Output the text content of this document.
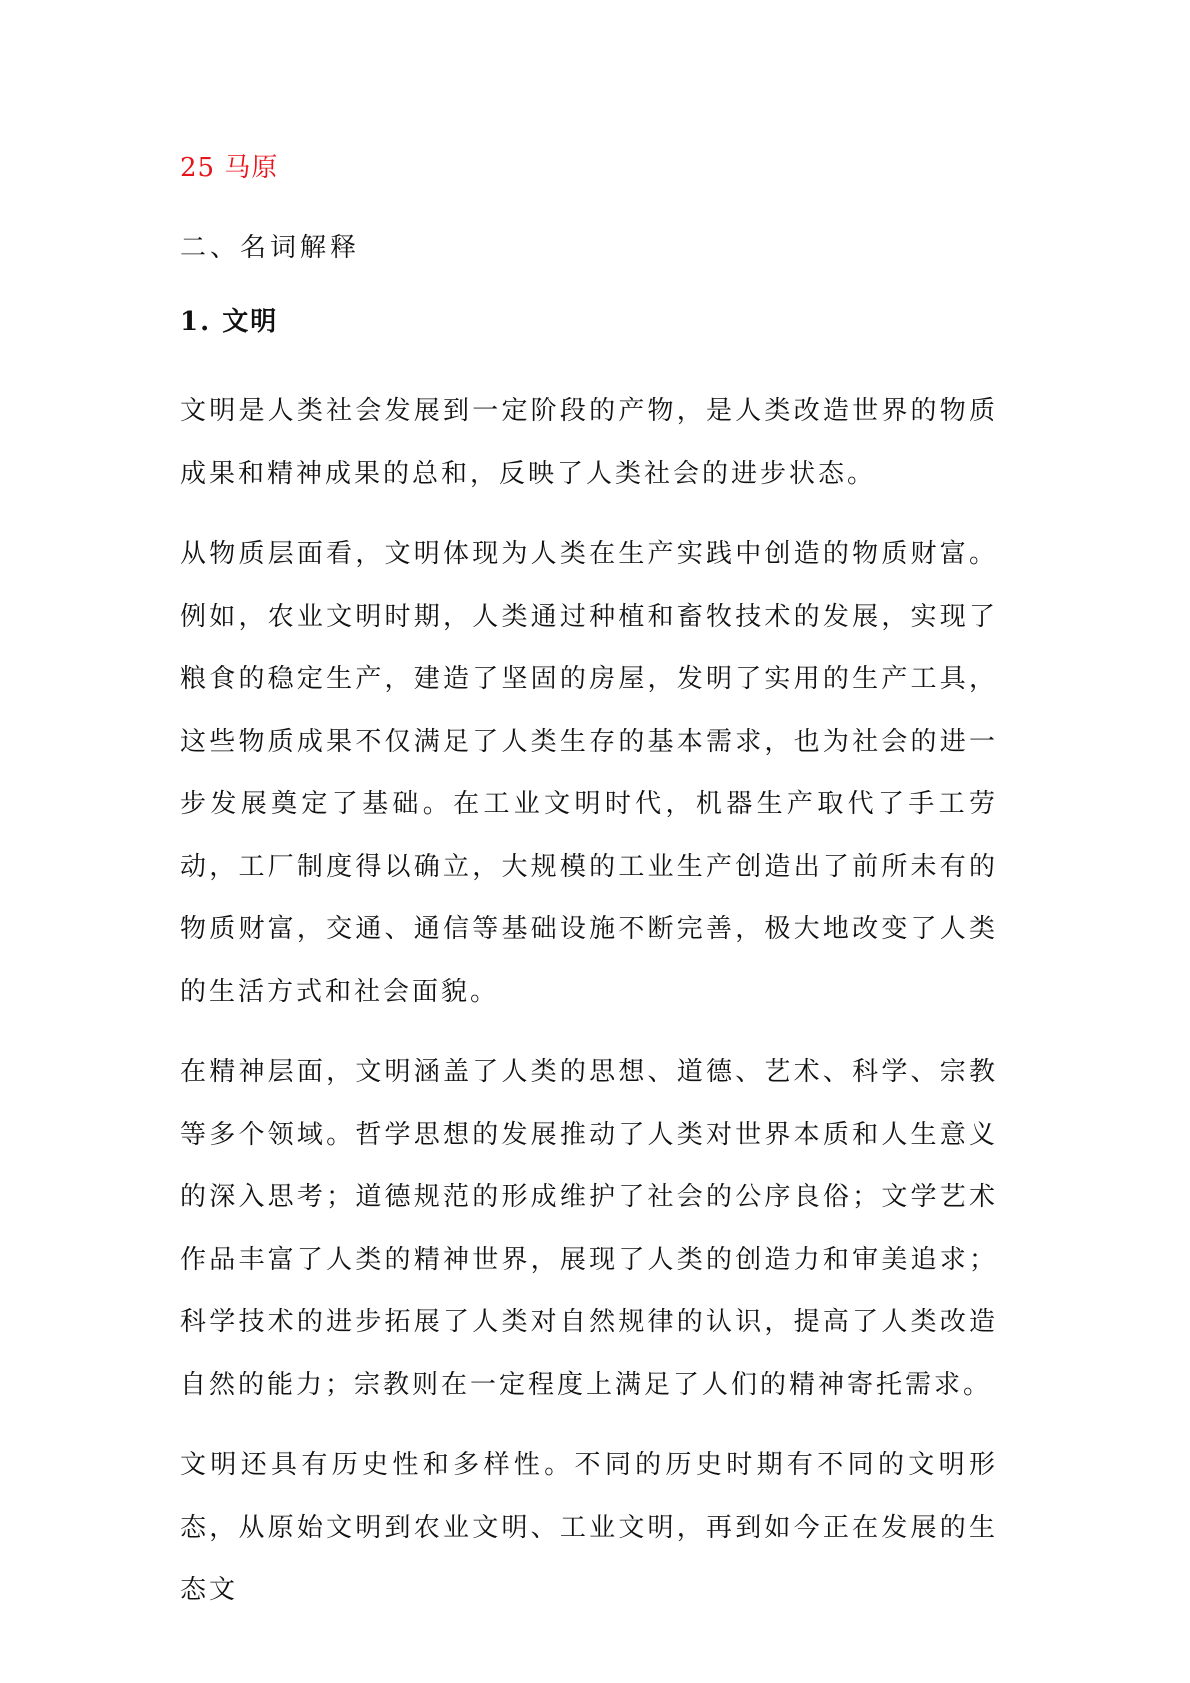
25 马原
二、名词解释
1. 文明

文明是人类社会发展到一定阶段的产物，是人类改造世界的物质成果和精神成果的总和，反映了人类社会的进步状态。

从物质层面看，文明体现为人类在生产实践中创造的物质财富。例如，农业文明时期，人类通过种植和畜牧技术的发展，实现了粮食的稳定生产，建造了坚固的房屋，发明了实用的生产工具，这些物质成果不仅满足了人类生存的基本需求，也为社会的进一步发展奠定了基础。在工业文明时代，机器生产取代了手工劳动，工厂制度得以确立，大规模的工业生产创造出了前所未有的物质财富，交通、通信等基础设施不断完善，极大地改变了人类的生活方式和社会面貌。

在精神层面，文明涵盖了人类的思想、道德、艺术、科学、宗教等多个领域。哲学思想的发展推动了人类对世界本质和人生意义的深入思考；道德规范的形成维护了社会的公序良俗；文学艺术作品丰富了人类的精神世界，展现了人类的创造力和审美追求；科学技术的进步拓展了人类对自然规律的认识，提高了人类改造自然的能力；宗教则在一定程度上满足了人们的精神寄托需求。

文明还具有历史性和多样性。不同的历史时期有不同的文明形态，从原始文明到农业文明、工业文明，再到如今正在发展的生态文
